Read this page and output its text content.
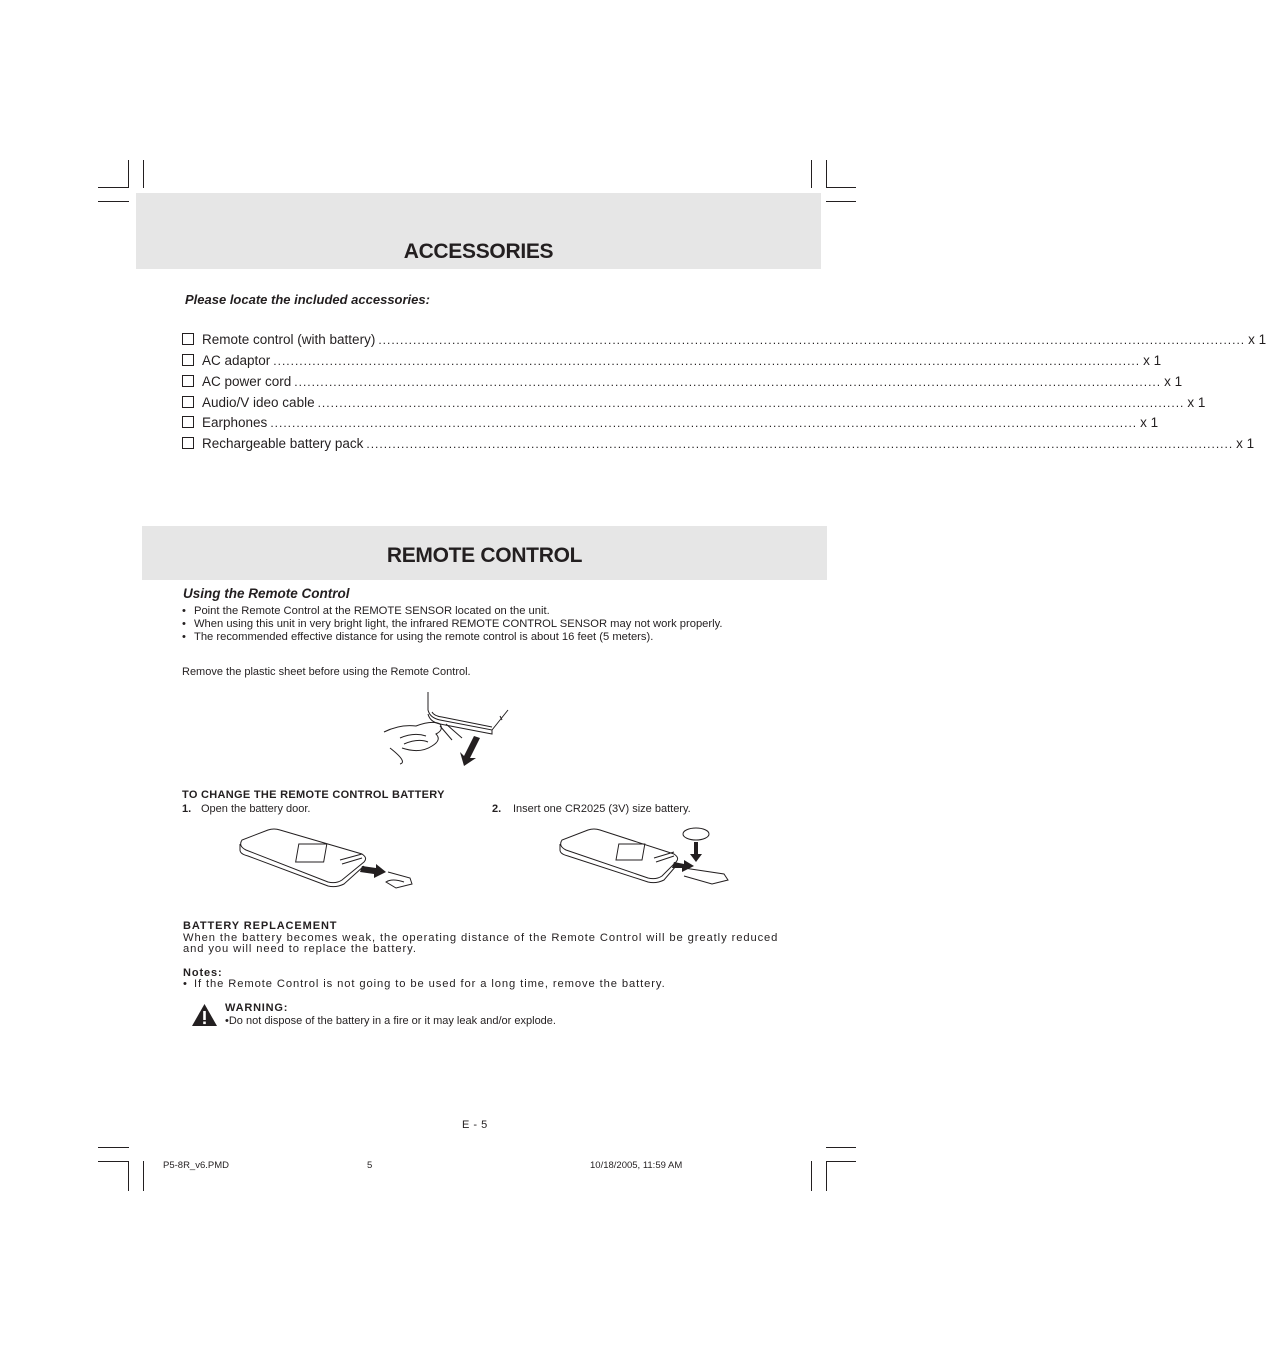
ACCESSORIES
Please locate the included accessories:
Remote control (with battery) ........................................................................................................................................................................................................ x 1
AC adaptor ........................................................................................................................................................................................................ x 1
AC power cord ........................................................................................................................................................................................................ x 1
Audio/V ideo cable ........................................................................................................................................................................................................ x 1
Earphones ........................................................................................................................................................................................................ x 1
Rechargeable battery pack ........................................................................................................................................................................................................ x 1
REMOTE CONTROL
Using the Remote Control
• Point the Remote Control at the REMOTE SENSOR located on the unit.
• When using this unit in very bright light, the infrared REMOTE CONTROL SENSOR may not work properly.
• The recommended effective distance for using the remote control is about 16 feet (5 meters).
Remove the plastic sheet before using the Remote Control.
TO CHANGE THE REMOTE CONTROL BATTERY
1. Open the battery door.	2. Insert one CR2025 (3V) size battery.
BATTERY REPLACEMENT
When the battery becomes weak, the operating distance of the Remote Control will be greatly reduced
and you will need to replace the battery.
Notes:
• If the Remote Control is not going to be used for a long time, remove the battery.
WARNING:
•Do not dispose of the battery in a fire or it may leak and/or explode.
E - 5
P5-8R_v6.PMD	5	10/18/2005, 11:59 AM
